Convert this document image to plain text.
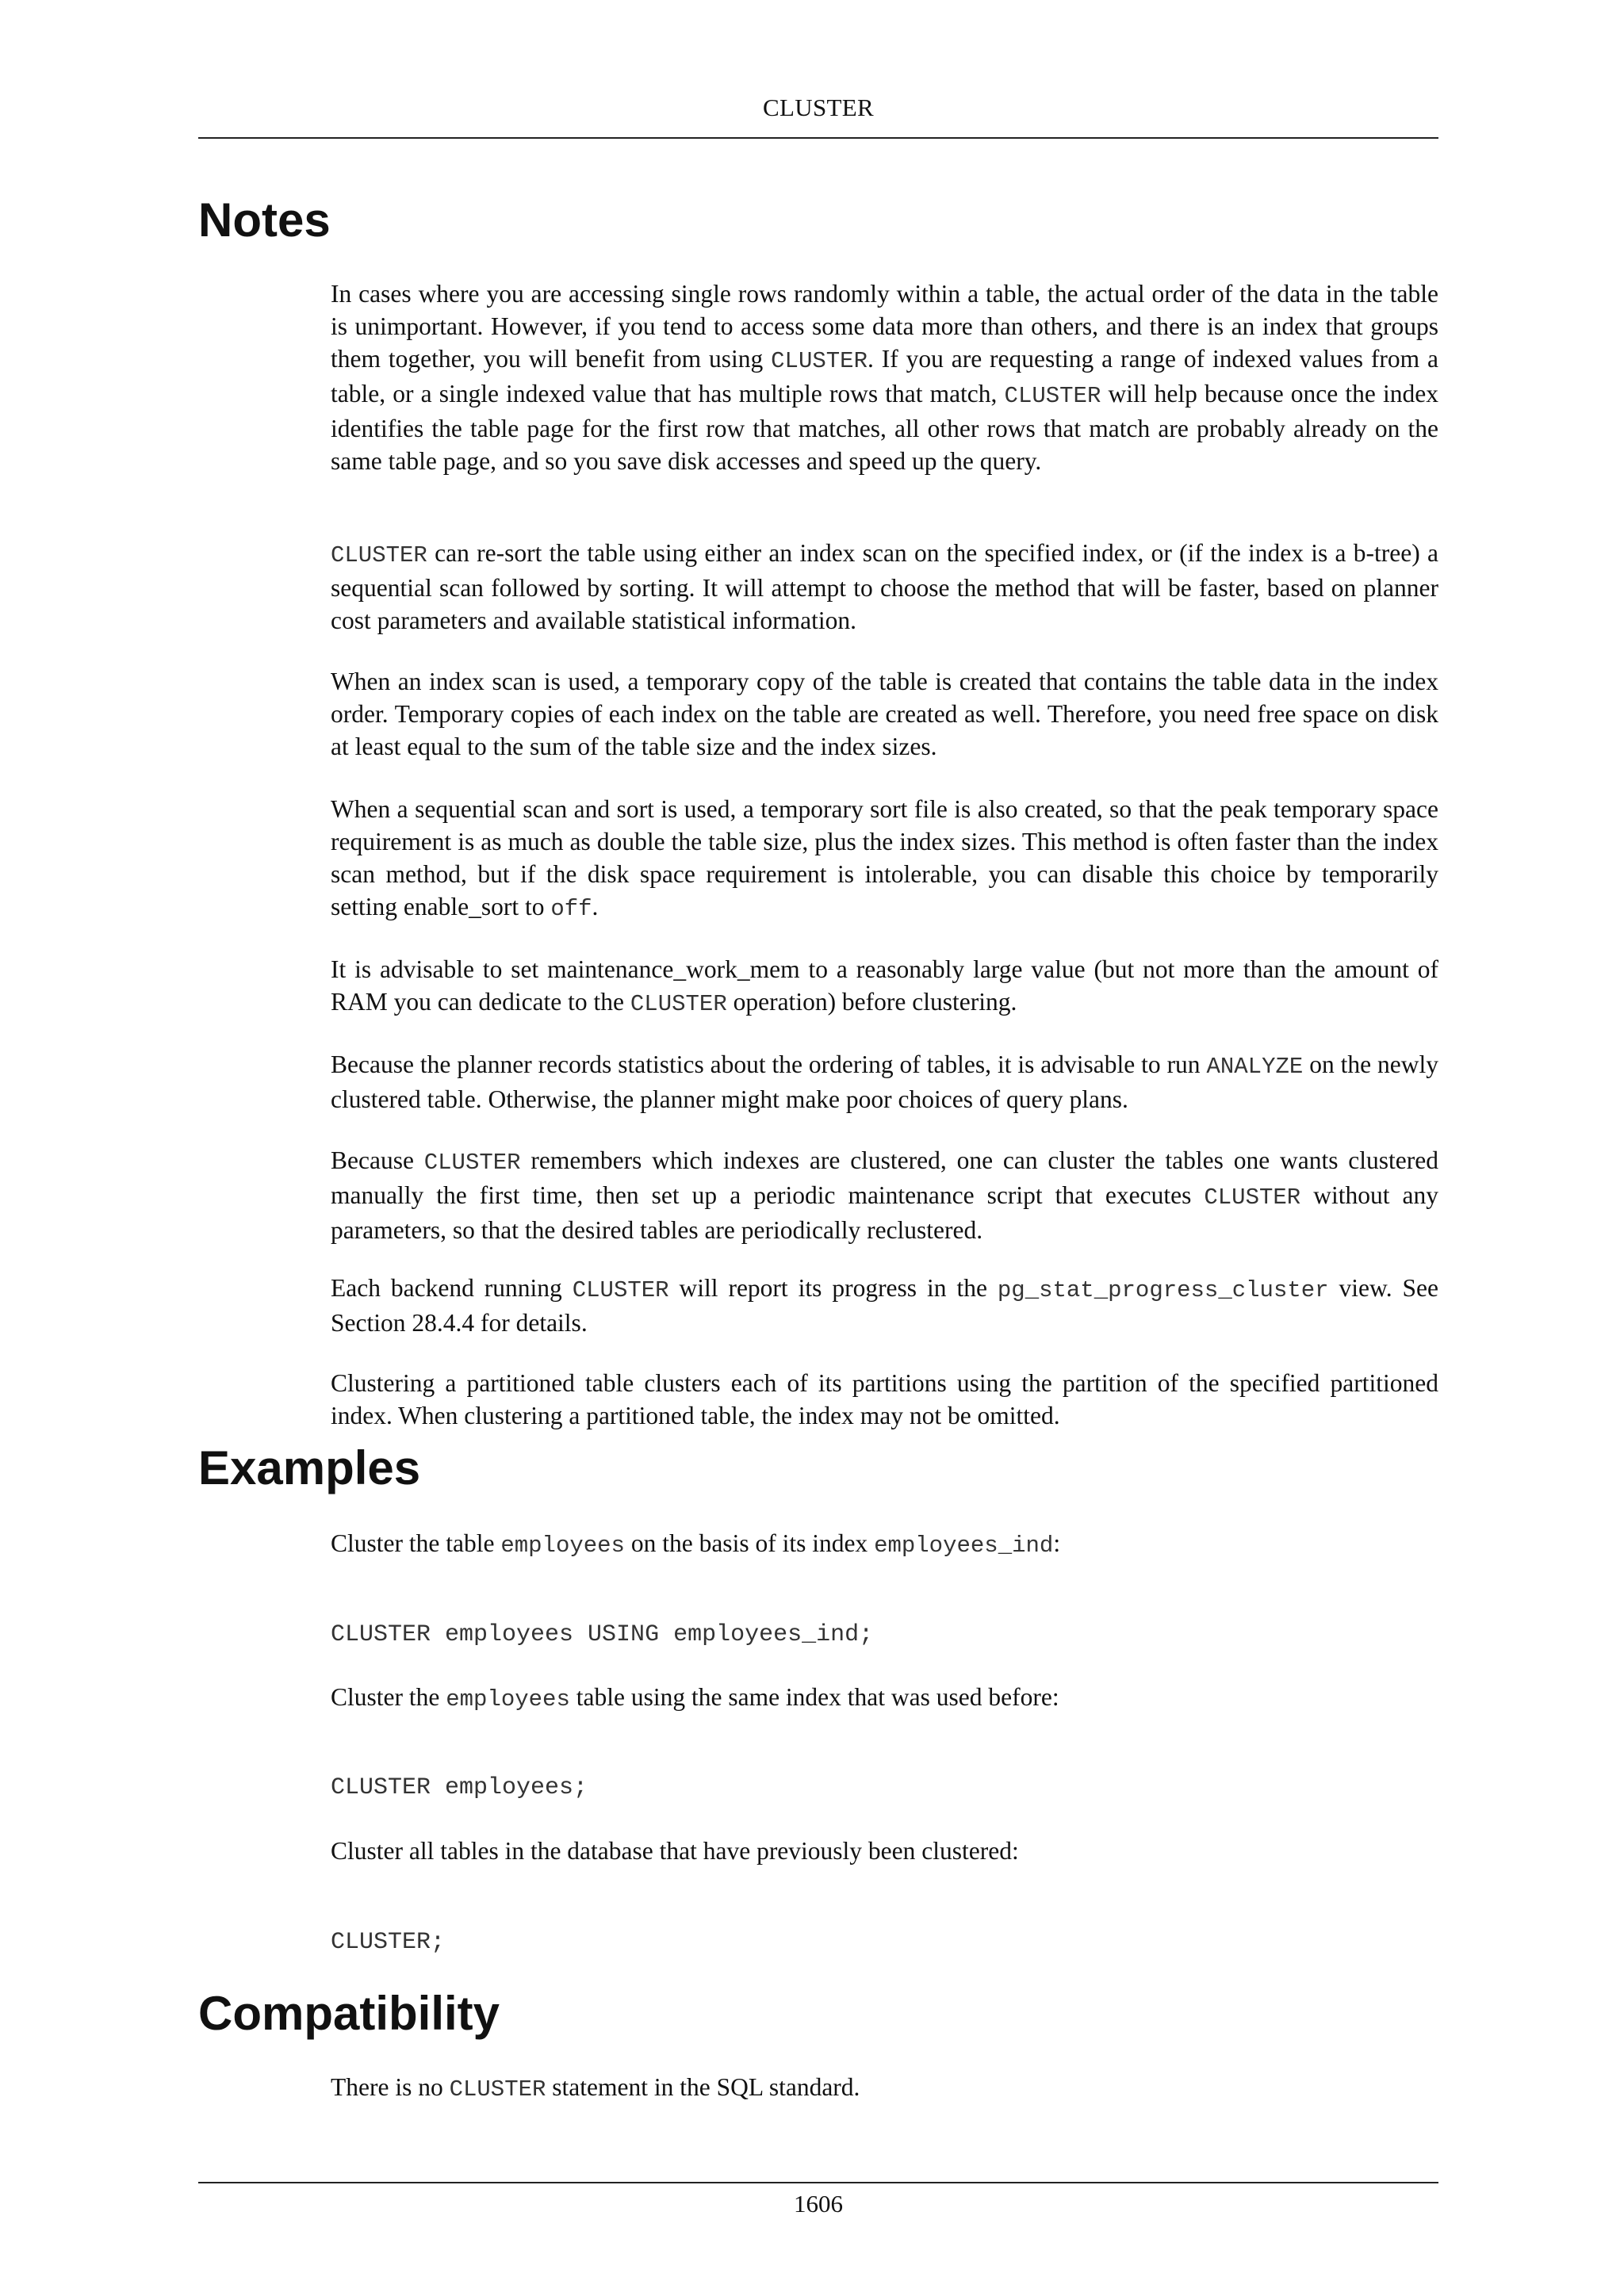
CLUSTER
Notes

In cases where you are accessing single rows randomly within a table, the actual order of the data in the table is unimportant. However, if you tend to access some data more than others, and there is an index that groups them together, you will benefit from using CLUSTER. If you are requesting a range of indexed values from a table, or a single indexed value that has multiple rows that match, CLUSTER will help because once the index identifies the table page for the first row that matches, all other rows that match are probably already on the same table page, and so you save disk accesses and speed up the query.

CLUSTER can re-sort the table using either an index scan on the specified index, or (if the index is a b-tree) a sequential scan followed by sorting. It will attempt to choose the method that will be faster, based on planner cost parameters and available statistical information.

When an index scan is used, a temporary copy of the table is created that contains the table data in the index order. Temporary copies of each index on the table are created as well. Therefore, you need free space on disk at least equal to the sum of the table size and the index sizes.

When a sequential scan and sort is used, a temporary sort file is also created, so that the peak temporary space requirement is as much as double the table size, plus the index sizes. This method is often faster than the index scan method, but if the disk space requirement is intolerable, you can disable this choice by temporarily setting enable_sort to off.

It is advisable to set maintenance_work_mem to a reasonably large value (but not more than the amount of RAM you can dedicate to the CLUSTER operation) before clustering.

Because the planner records statistics about the ordering of tables, it is advisable to run ANALYZE on the newly clustered table. Otherwise, the planner might make poor choices of query plans.

Because CLUSTER remembers which indexes are clustered, one can cluster the tables one wants clustered manually the first time, then set up a periodic maintenance script that executes CLUSTER without any parameters, so that the desired tables are periodically reclustered.

Each backend running CLUSTER will report its progress in the pg_stat_progress_cluster view. See Section 28.4.4 for details.

Clustering a partitioned table clusters each of its partitions using the partition of the specified partitioned index. When clustering a partitioned table, the index may not be omitted.

Examples

Cluster the table employees on the basis of its index employees_ind:

CLUSTER employees USING employees_ind;

Cluster the employees table using the same index that was used before:

CLUSTER employees;

Cluster all tables in the database that have previously been clustered:

CLUSTER;
Compatibility

There is no CLUSTER statement in the SQL standard.

1606
